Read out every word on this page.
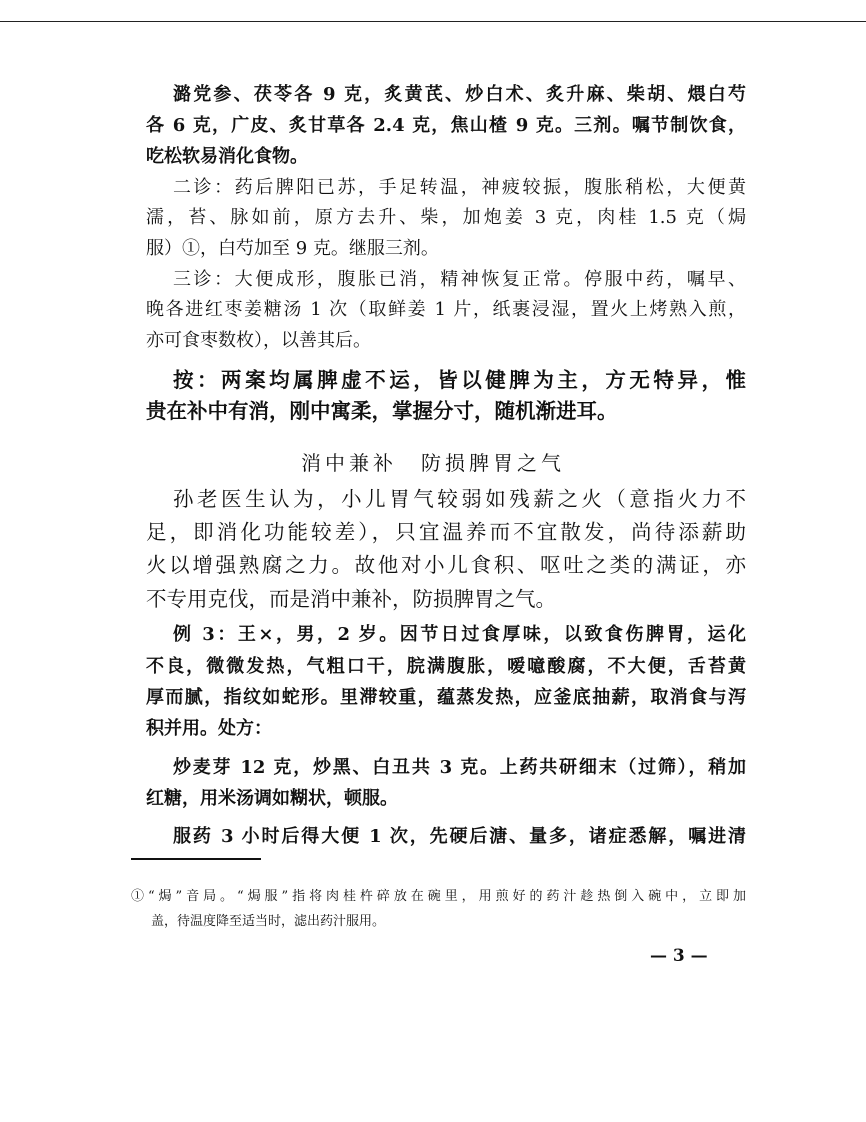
潞党参、茯苓各 9 克，炙黄芪、炒白术、炙升麻、柴胡、煨白芍
各 6 克，广皮、炙甘草各 2.4 克，焦山楂 9 克。三剂。嘱节制饮食，
吃松软易消化食物。
二诊：药后脾阳已苏，手足转温，神疲较振，腹胀稍松，大便黄
濡，苔、脉如前，原方去升、柴，加炮姜 3 克，肉桂 1.5 克（焗
服）①，白芍加至 9 克。继服三剂。
三诊：大便成形，腹胀已消，精神恢复正常。停服中药，嘱早、
晚各进红枣姜糖汤 1 次（取鲜姜 1 片，纸裹浸湿，置火上烤熟入煎，
亦可食枣数枚），以善其后。
按：两案均属脾虚不运，皆以健脾为主，方无特异，惟
贵在补中有消，刚中寓柔，掌握分寸，随机渐进耳。
消中兼补　防损脾胃之气
孙老医生认为，小儿胃气较弱如残薪之火（意指火力不
足，即消化功能较差），只宜温养而不宜散发，尚待添薪助
火以增强熟腐之力。故他对小儿食积、呕吐之类的满证，亦
不专用克伐，而是消中兼补，防损脾胃之气。
例 3：王×，男，2 岁。因节日过食厚味，以致食伤脾胃，运化
不良，微微发热，气粗口干，脘满腹胀，嗳噫酸腐，不大便，舌苔黄
厚而腻，指纹如蛇形。里滞较重，蕴蒸发热，应釜底抽薪，取消食与泻
积并用。处方：
炒麦芽 12 克，炒黑、白丑共 3 克。上药共研细末（过筛），稍加
红糖，用米汤调如糊状，顿服。
服药 3 小时后得大便 1 次，先硬后溏、量多，诸症悉解，嘱进清
①“焗”音局。“焗服”指将肉桂杵碎放在碗里，用煎好的药汁趁热倒入碗中，立即加
盖，待温度降至适当时，滤出药汁服用。
— 3 —
